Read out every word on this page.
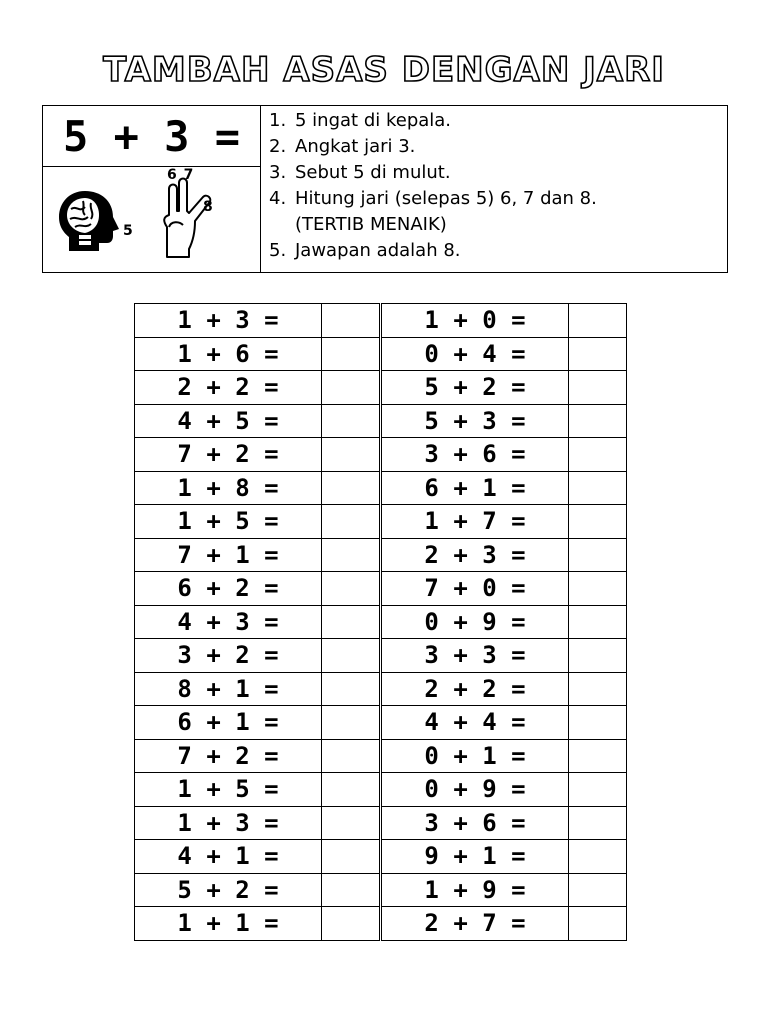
TAMBAH ASAS DENGAN JARI
5 + 3 =
5
6 7
8
1. 5 ingat di kepala.
2. Angkat jari 3.
3. Sebut 5 di mulut.
4. Hitung jari (selepas 5) 6, 7 dan 8.
(TERTIB MENAIK)
5. Jawapan adalah 8.
1 + 3 =			1 + 0 =	
1 + 6 =			0 + 4 =	
2 + 2 =			5 + 2 =	
4 + 5 =			5 + 3 =	
7 + 2 =			3 + 6 =	
1 + 8 =			6 + 1 =	
1 + 5 =			1 + 7 =	
7 + 1 =			2 + 3 =	
6 + 2 =			7 + 0 =	
4 + 3 =			0 + 9 =	
3 + 2 =			3 + 3 =	
8 + 1 =			2 + 2 =	
6 + 1 =			4 + 4 =	
7 + 2 =			0 + 1 =	
1 + 5 =			0 + 9 =	
1 + 3 =			3 + 6 =	
4 + 1 =			9 + 1 =	
5 + 2 =			1 + 9 =	
1 + 1 =			2 + 7 =	
